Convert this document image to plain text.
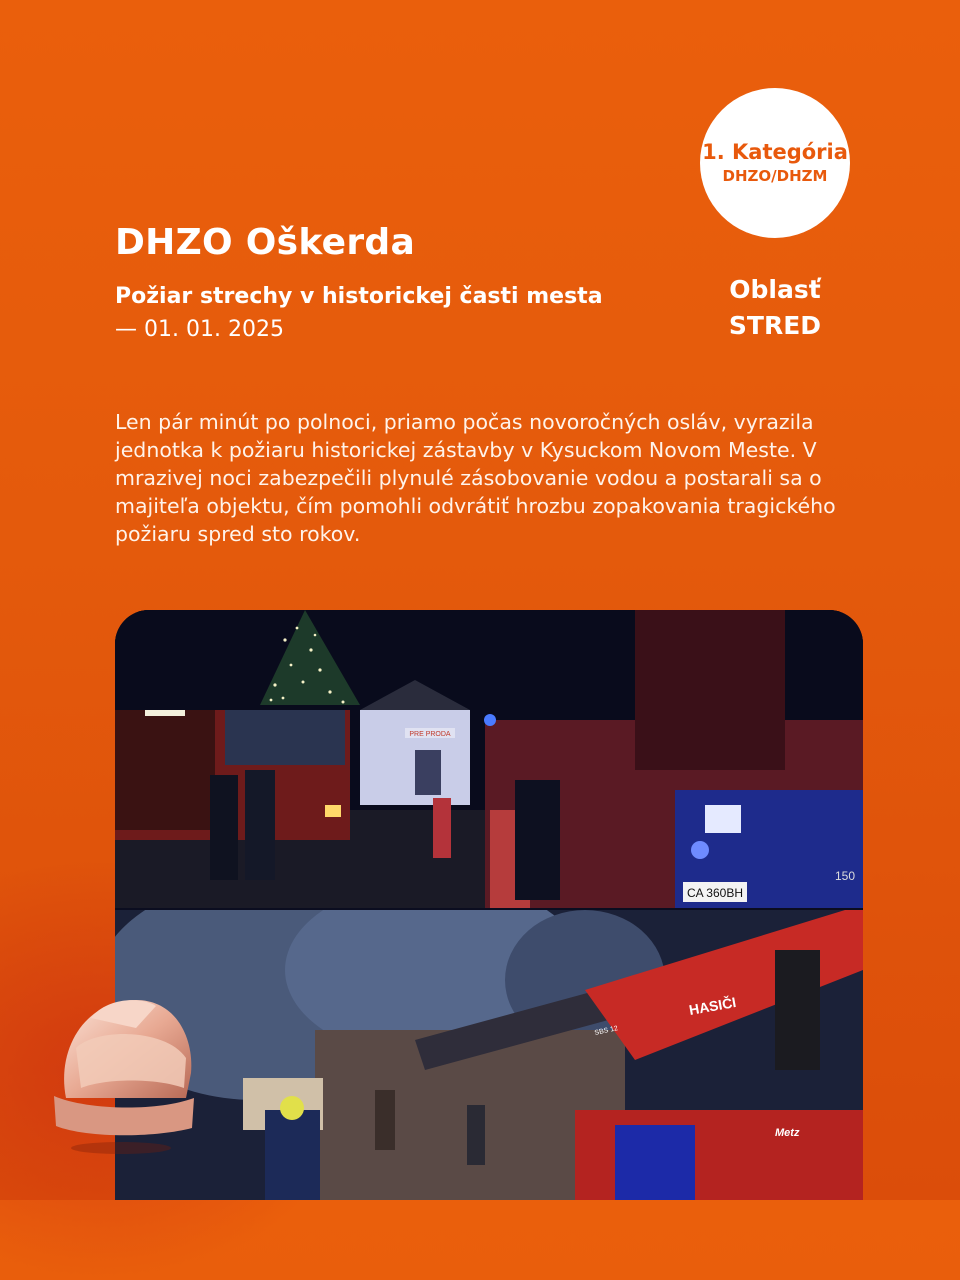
DHZO Oškerda
Požiar strechy v historickej časti mesta
— 01. 01. 2025
1. Kategória
DHZO/DHZM
Oblasť
STRED

Len pár minút po polnoci, priamo počas novoročných osláv, vyrazila jednotka k požiaru historickej zástavby v Kysuckom Novom Meste. V mrazivej noci zabezpečili plynulé zásobovanie vodou a postarali sa o majiteľa objektu, čím pomohli odvrátiť hrozbu zopakovania tragického požiaru spred sto rokov.

PRE PRODA
CA 360BH
150
HASIČI
SBS 12
Metz
